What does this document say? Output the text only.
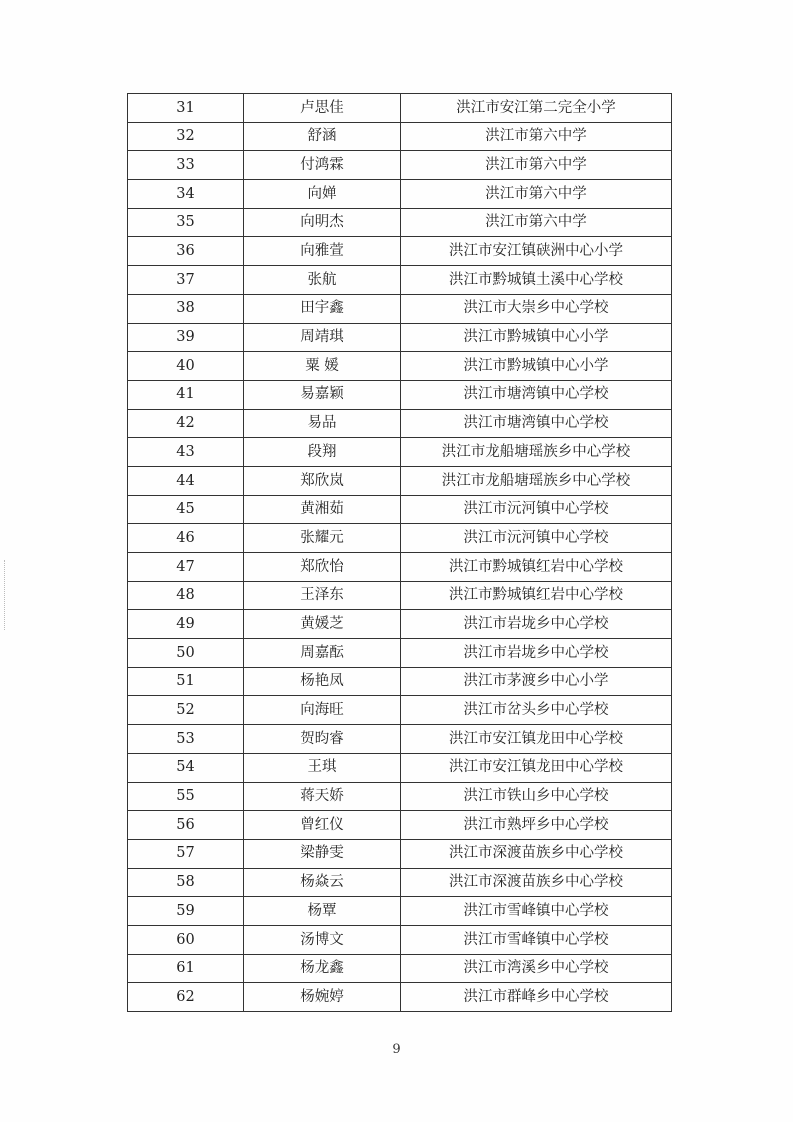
31	卢思佳	洪江市安江第二完全小学
32	舒涵	洪江市第六中学
33	付鸿霖	洪江市第六中学
34	向婵	洪江市第六中学
35	向明杰	洪江市第六中学
36	向雅萱	洪江市安江镇硖洲中心小学
37	张航	洪江市黔城镇土溪中心学校
38	田宇鑫	洪江市大崇乡中心学校
39	周靖琪	洪江市黔城镇中心小学
40	粟 媛	洪江市黔城镇中心小学
41	易嘉颖	洪江市塘湾镇中心学校
42	易品	洪江市塘湾镇中心学校
43	段翔	洪江市龙船塘瑶族乡中心学校
44	郑欣岚	洪江市龙船塘瑶族乡中心学校
45	黄湘茹	洪江市沅河镇中心学校
46	张耀元	洪江市沅河镇中心学校
47	郑欣怡	洪江市黔城镇红岩中心学校
48	王泽东	洪江市黔城镇红岩中心学校
49	黄媛芝	洪江市岩垅乡中心学校
50	周嘉酝	洪江市岩垅乡中心学校
51	杨艳凤	洪江市茅渡乡中心小学
52	向海旺	洪江市岔头乡中心学校
53	贺昀睿	洪江市安江镇龙田中心学校
54	王琪	洪江市安江镇龙田中心学校
55	蒋天娇	洪江市铁山乡中心学校
56	曾红仪	洪江市熟坪乡中心学校
57	梁静雯	洪江市深渡苗族乡中心学校
58	杨焱云	洪江市深渡苗族乡中心学校
59	杨覃	洪江市雪峰镇中心学校
60	汤博文	洪江市雪峰镇中心学校
61	杨龙鑫	洪江市湾溪乡中心学校
62	杨婉婷	洪江市群峰乡中心学校
9
